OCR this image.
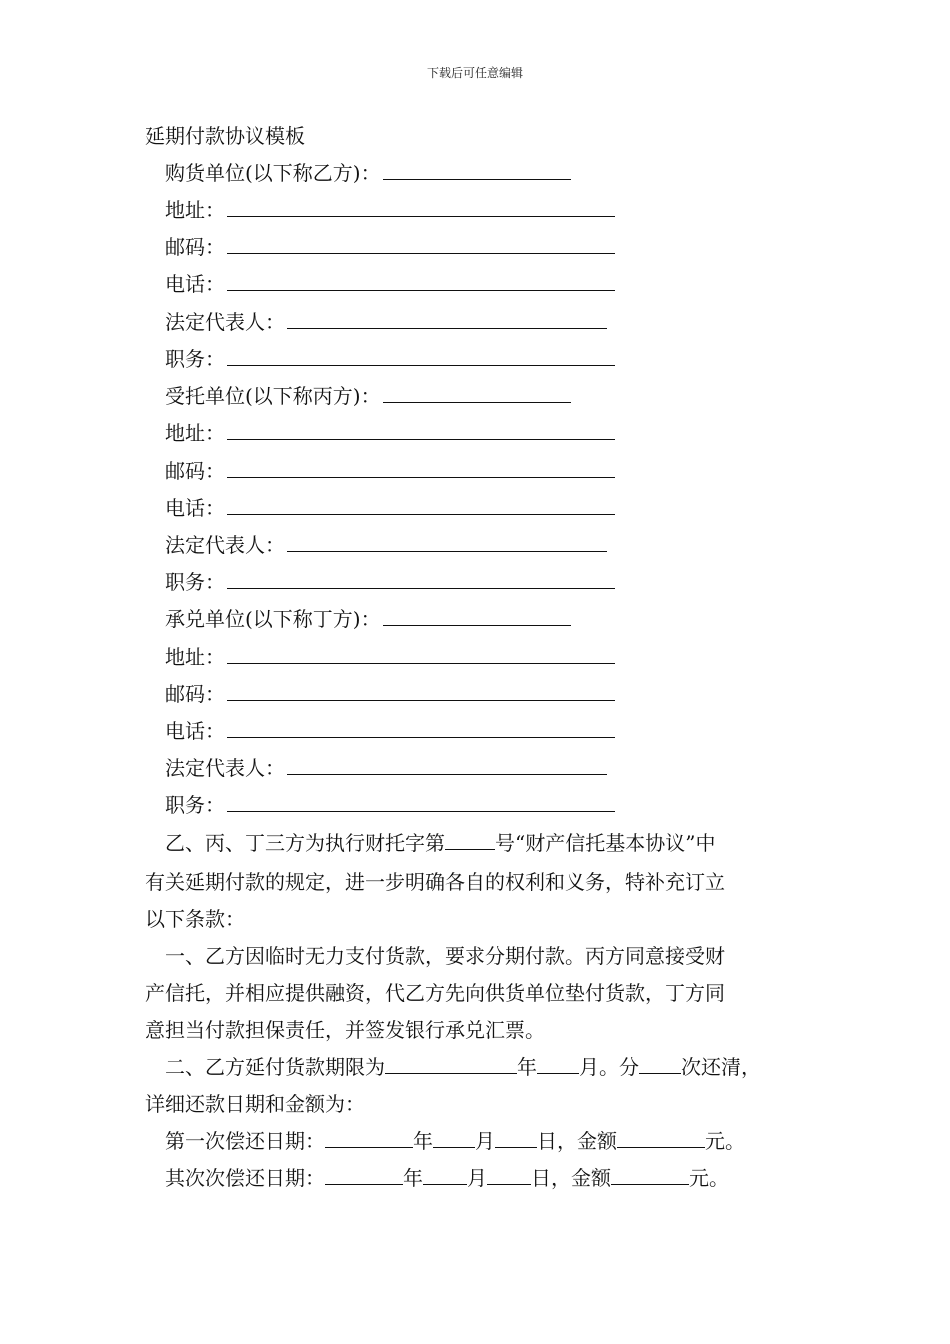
下载后可任意编辑
延期付款协议模板
购货单位(以下称乙方)：
地址：
邮码：
电话：
法定代表人：
职务：
受托单位(以下称丙方)：
地址：
邮码：
电话：
法定代表人：
职务：
承兑单位(以下称丁方)：
地址：
邮码：
电话：
法定代表人：
职务：
乙、丙、丁三方为执行财托字第	号“财产信托基本协议”中
有关延期付款的规定，进一步明确各自的权利和义务，特补充订立
以下条款：
一、乙方因临时无力支付货款，要求分期付款。丙方同意接受财
产信托，并相应提供融资，代乙方先向供货单位垫付货款，丁方同
意担当付款担保责任，并签发银行承兑汇票。
二、乙方延付货款期限为	年 月。分 次还清，
详细还款日期和金额为：
第一次偿还日期：	年 月 日，金额	元。
其次次偿还日期：	年 月 日，金额	元。
